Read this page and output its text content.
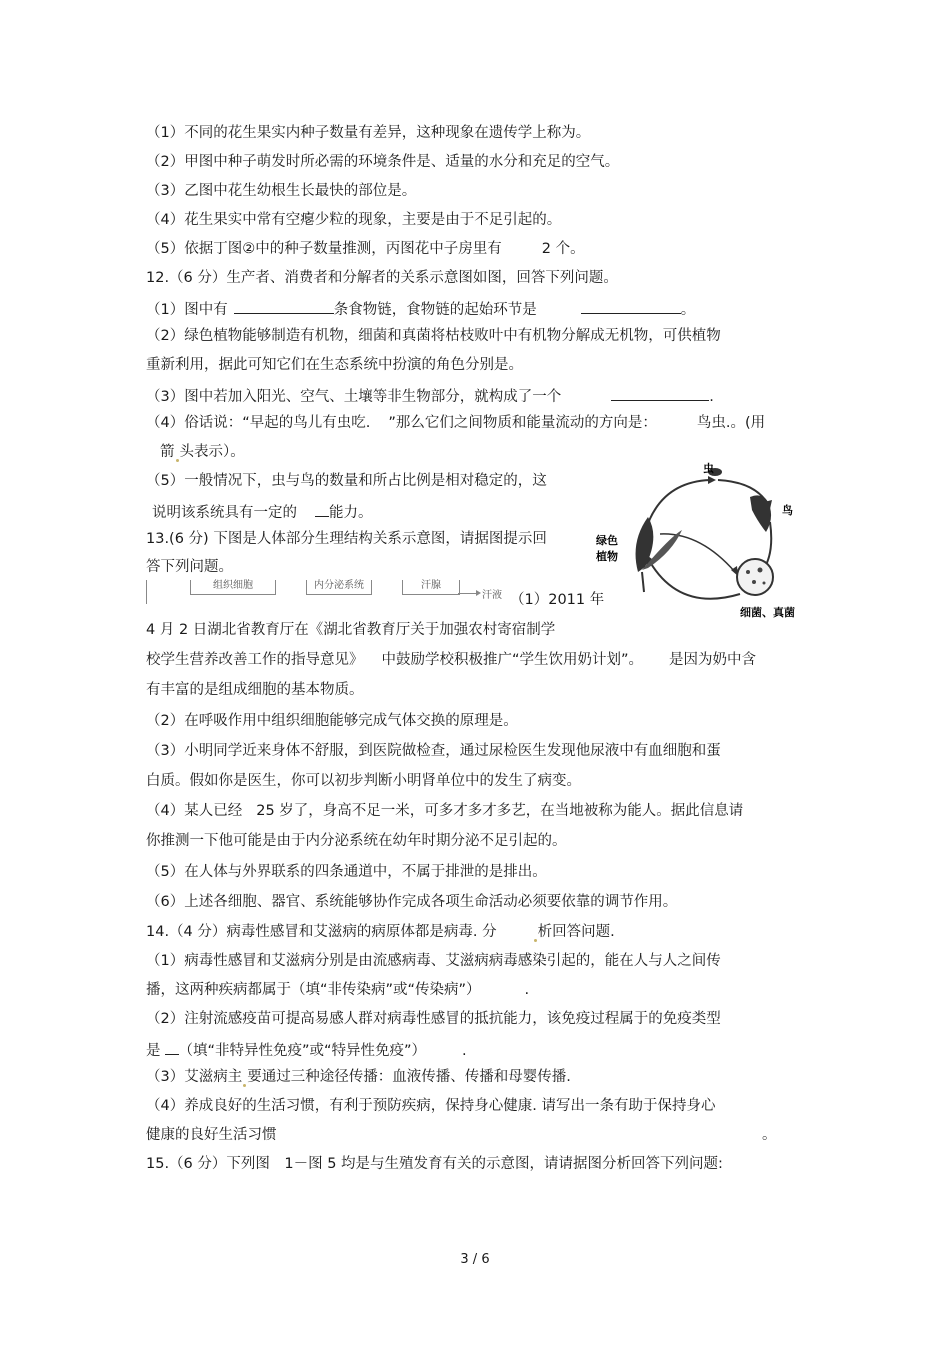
（1）不同的花生果实内种子数量有差异，这种现象在遗传学上称为。
（2）甲图中种子萌发时所必需的环境条件是、适量的水分和充足的空气。
（3）乙图中花生幼根生长最快的部位是。
（4）花生果实中常有空瘪少粒的现象，主要是由于不足引起的。
（5）依据丁图②中的种子数量推测，丙图花中子房里有	2 个。
12.（6 分）生产者、消费者和分解者的关系示意图如图，回答下列问题。
（1）图中有	条食物链，食物链的起始环节是	。
（2）绿色植物能够制造有机物，细菌和真菌将枯枝败叶中有机物分解成无机物，可供植物
重新利用，据此可知它们在生态系统中扮演的角色分别是。
（3）图中若加入阳光、空气、土壤等非生物部分，就构成了一个	.
（4）俗话说：“早起的鸟儿有虫吃. ”那么它们之间物质和能量流动的方向是：	鸟虫.。(用
箭 头表示）。
（5）一般情况下，虫与鸟的数量和所占比例是相对稳定的，这
说明该系统具有一定的 能力。
虫
鸟
绿色
植物
细菌、真菌
13.(6 分) 下图是人体部分生理结构关系示意图，请据图提示回
答下列问题。
组织细胞	内分泌系统	汗腺
汗液 （1）2011 年
4 月 2 日湖北省教育厅在《湖北省教育厅关于加强农村寄宿制学
校学生营养改善工作的指导意见》 中鼓励学校积极推广“学生饮用奶计划”。 是因为奶中含
有丰富的是组成细胞的基本物质。
（2）在呼吸作用中组织细胞能够完成气体交换的原理是。
（3）小明同学近来身体不舒服，到医院做检查，通过尿检医生发现他尿液中有血细胞和蛋
白质。假如你是医生，你可以初步判断小明肾单位中的发生了病变。
（4）某人已经 25 岁了，身高不足一米，可多才多才多艺，在当地被称为能人。据此信息请
你推测一下他可能是由于内分泌系统在幼年时期分泌不足引起的。
（5）在人体与外界联系的四条通道中，不属于排泄的是排出。
（6）上述各细胞、器官、系统能够协作完成各项生命活动必须要依靠的调节作用。
14.（4 分）病毒性感冒和艾滋病的病原体都是病毒. 分	析回答问题.
（1）病毒性感冒和艾滋病分别是由流感病毒、艾滋病病毒感染引起的，能在人与人之间传
播，这两种疾病都属于（填“非传染病”或“传染病”）	.
（2）注射流感疫苗可提高易感人群对病毒性感冒的抵抗能力，该免疫过程属于的免疫类型
是 （填“非特异性免疫”或“特异性免疫”） .
（3）艾滋病主 要通过三种途径传播：血液传播、传播和母婴传播.
（4）养成良好的生活习惯，有利于预防疾病，保持身心健康. 请写出一条有助于保持身心
健康的良好生活习惯	。
15.（6 分）下列图　1－图 5 均是与生殖发育有关的示意图，请请据图分析回答下列问题:
3 / 6
